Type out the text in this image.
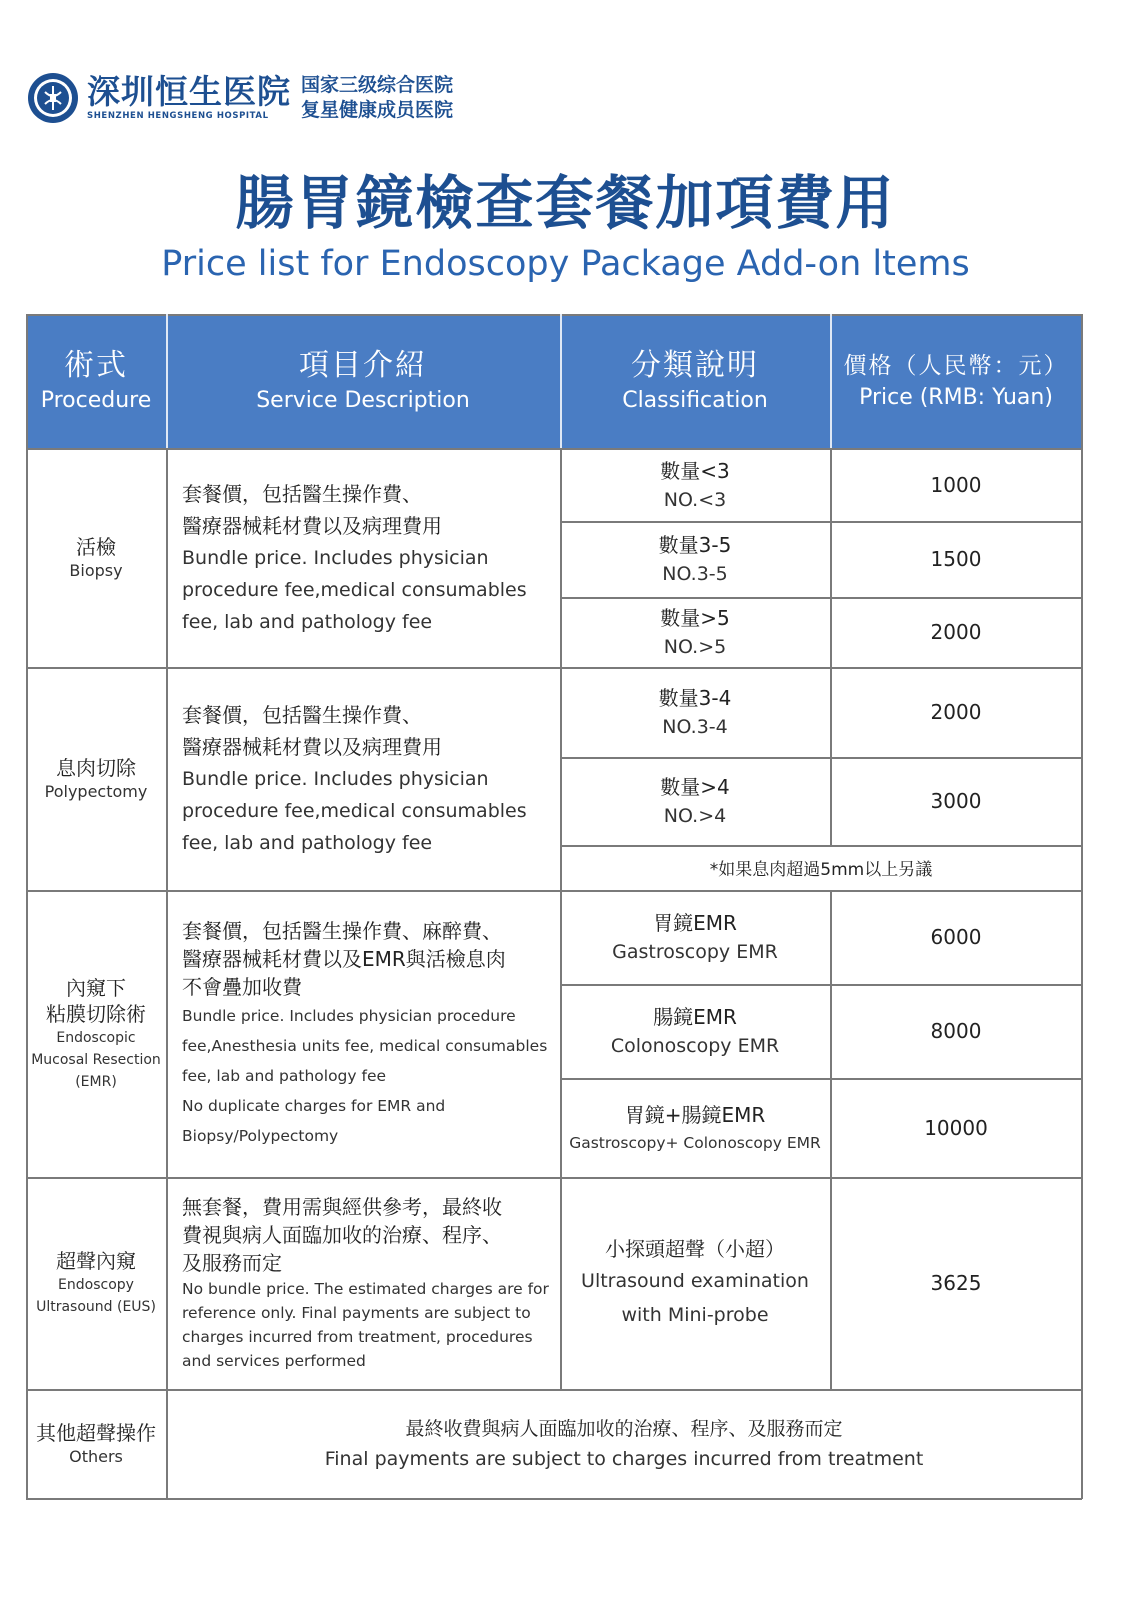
深圳恒生医院
SHENZHEN HENGSHENG HOSPITAL
国家三级综合医院
复星健康成员医院
腸胃鏡檢查套餐加項費用
Price list for Endoscopy Package Add-on ltems
術式
Procedure
項目介紹
Service Description
分類說明
Classification
價格（人民幣：元）
Price (RMB: Yuan)
活檢
Biopsy
套餐價，包括醫生操作費、
醫療器械耗材費以及病理費用
Bundle price. Includes physician
procedure fee,medical consumables
fee, lab and pathology fee
數量<3
NO.<3
1000
數量3-5
NO.3-5
1500
數量>5
NO.>5
2000
息肉切除
Polypectomy
套餐價，包括醫生操作費、
醫療器械耗材費以及病理費用
Bundle price. Includes physician
procedure fee,medical consumables
fee, lab and pathology fee
數量3-4
NO.3-4
2000
數量>4
NO.>4
3000
*如果息肉超過5mm以上另議
內窺下
粘膜切除術
Endoscopic
Mucosal Resection
(EMR)
套餐價，包括醫生操作費、麻醉費、
醫療器械耗材費以及EMR與活檢息肉
不會疊加收費
Bundle price. Includes physician procedure
fee,Anesthesia units fee, medical consumables
fee, lab and pathology fee
No duplicate charges for EMR and
Biopsy/Polypectomy
胃鏡EMR
Gastroscopy EMR
6000
腸鏡EMR
Colonoscopy EMR
8000
胃鏡+腸鏡EMR
Gastroscopy+ Colonoscopy EMR
10000
超聲內窺
Endoscopy
Ultrasound (EUS)
無套餐，費用需與經供參考，最終收
費視與病人面臨加收的治療、程序、
及服務而定
No bundle price. The estimated charges are for
reference only. Final payments are subject to
charges incurred from treatment, procedures
and services performed
小探頭超聲（小超）
Ultrasound examination
with Mini-probe
3625
其他超聲操作
Others
最終收費與病人面臨加收的治療、程序、及服務而定
Final payments are subject to charges incurred from treatment
